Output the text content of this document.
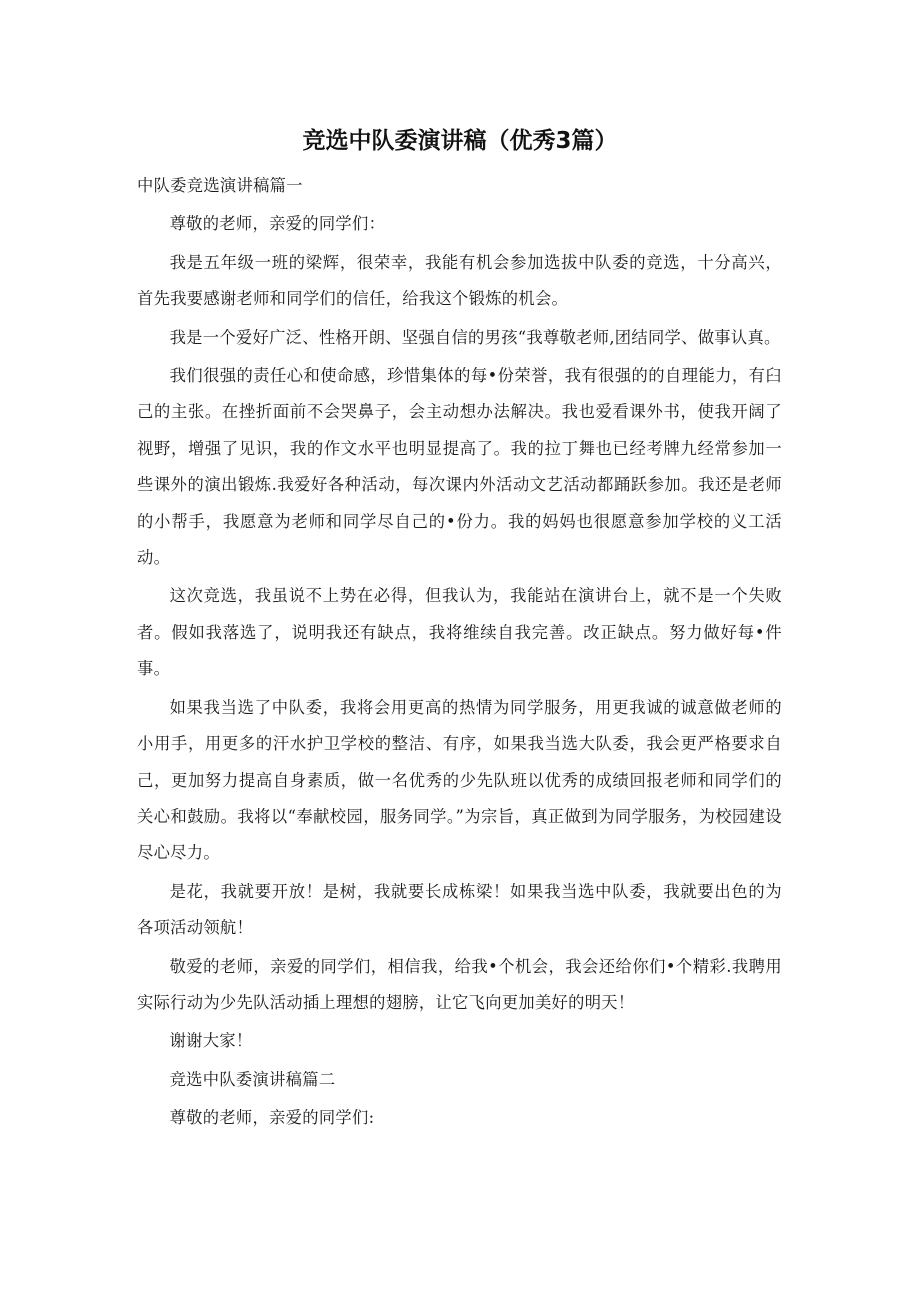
竞选中队委演讲稿（优秀3篇）

中队委竞选演讲稿篇一

尊敬的老师，亲爱的同学们：

我是五年级一班的梁辉，很荣幸，我能有机会参加选拔中队委的竞选，十分高兴，首先我要感谢老师和同学们的信任，给我这个锻炼的机会。

我是一个爱好广泛、性格开朗、坚强自信的男孩“我尊敬老师,团结同学、做事认真。

我们很强的责任心和使命感，珍惜集体的每•份荣誉，我有很强的的自理能力，有臼己的主张。在挫折面前不会哭鼻子，会主动想办法解决。我也爱看课外书，使我开阔了视野，增强了见识，我的作文水平也明显提高了。我的拉丁舞也已经考牌九经常参加一些课外的演出锻炼.我爱好各种活动，每次课内外活动文艺活动都踊跃参加。我还是老师的小帮手，我愿意为老师和同学尽自己的•份力。我的妈妈也很愿意参加学校的义工活动。

这次竞选，我虽说不上势在必得，但我认为，我能站在演讲台上，就不是一个失败者。假如我落选了，说明我还有缺点，我将维续自我完善。改正缺点。努力做好每•件事。

如果我当选了中队委，我将会用更高的热情为同学服务，用更我诚的诚意做老师的小用手，用更多的汗水护卫学校的整洁、有序，如果我当选大队委，我会更严格要求自己，更加努力提高自身素质，做一名优秀的少先队班以优秀的成绩回报老师和同学们的关心和鼓励。我将以“奉献校园，服务同学。”为宗旨，真正做到为同学服务，为校园建设尽心尽力。

是花，我就要开放！是树，我就要长成栋梁！如果我当选中队委，我就要出色的为各项活动领航！

敬爱的老师，亲爱的同学们，相信我，给我•个机会，我会还给你们•个精彩.我聘用实际行动为少先队活动插上理想的翅膀，让它飞向更加美好的明天！

谢谢大家！

竞选中队委演讲稿篇二

尊敬的老师，亲爱的同学们:
